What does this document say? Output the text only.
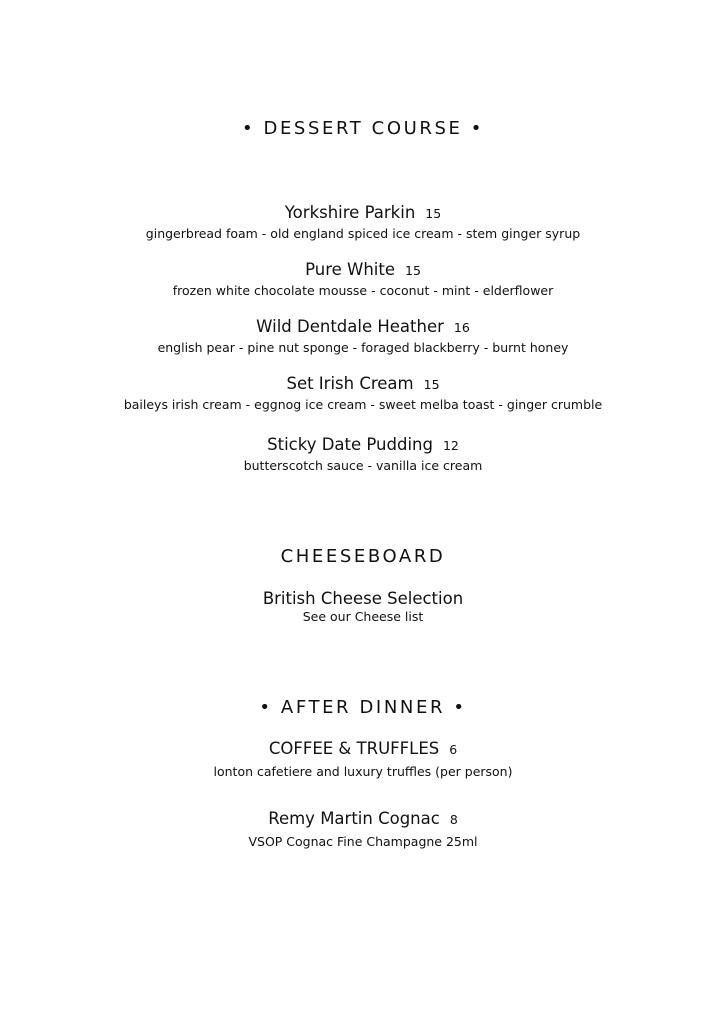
• DESSERT COURSE •
Yorkshire Parkin 15
gingerbread foam - old england spiced ice cream - stem ginger syrup
Pure White 15
frozen white chocolate mousse - coconut - mint - elderflower
Wild Dentdale Heather 16
english pear - pine nut sponge - foraged blackberry - burnt honey
Set Irish Cream 15
baileys irish cream - eggnog ice cream - sweet melba toast - ginger crumble
Sticky Date Pudding 12
butterscotch sauce - vanilla ice cream
CHEESEBOARD
British Cheese Selection
See our Cheese list
• AFTER DINNER •
COFFEE & TRUFFLES 6
lonton cafetiere and luxury truffles (per person)
Remy Martin Cognac 8
VSOP Cognac Fine Champagne 25ml
